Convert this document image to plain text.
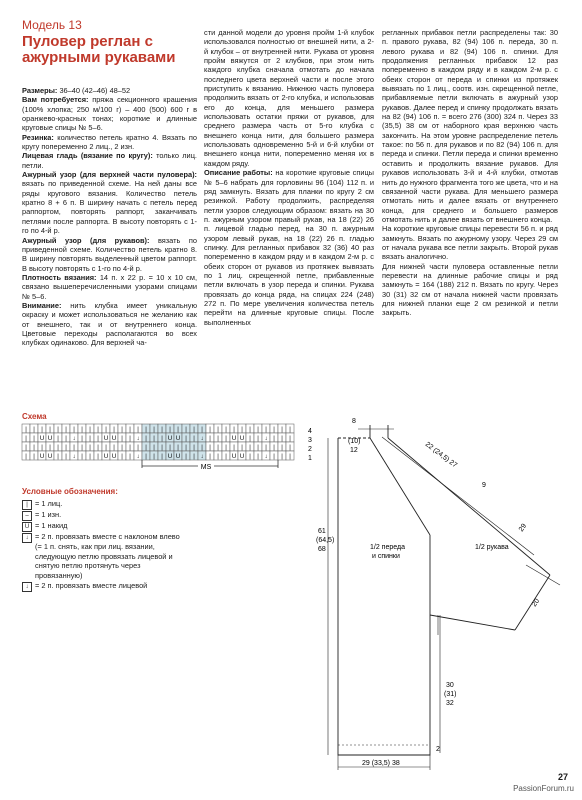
Модель 13
Пуловер реглан с ажурными рукавами

Размеры: 36–40 (42–46) 48–52

Вам потребуется: пряжа секционного крашения (100% хлопка; 250 м/100 г) – 400 (500) 600 г в оранжево-красных тонах; короткие и длинные круговые спицы № 5–6.

Резинка: количество петель кратно 4. Вязать по кругу попеременно 2 лиц., 2 изн.

Лицевая гладь (вязание по кругу): только лиц. петли.

Ажурный узор (для верхней части пуловера): вязать по приведенной схеме. На ней даны все ряды кругового вязания. Количество петель кратно 8 + 6 п. В ширину начать с петель перед раппортом, повторять раппорт, заканчивать петлями после раппорта. В высоту повторять с 1-го по 4-й р.

Ажурный узор (для рукавов): вязать по приведенной схеме. Количество петель кратно 8. В ширину повторять выделенный цветом раппорт. В высоту повторять с 1-го по 4-й р.

Плотность вязания: 14 п. x 22 р. = 10 x 10 см, связано вышеперечисленными узорами спицами № 5–6.

Внимание: нить клубка имеет уникальную окраску и может использоваться не желанию как от внешнего, так и от внутреннего конца. Цветовые переходы располагаются во всех клубках одинаково. Для верхней ча-

сти данной модели до уровня пройм 1-й клубок использовался полностью от внешней нити, а 2-й клубок – от внутренней нити. Рукава от уровня пройм вяжутся от 2 клубков, при этом нить каждого клубка сначала отмотать до начала последнего цвета верхней части и после этого приступить к вязанию. Нижнюю часть пуловера продолжить вязать от 2-го клубка, и использовав его до конца, для меньшего размера использовать остатки пряжи от рукавов, для среднего размера часть от 5-го клубка с внешнего конца нити, для большего размера использовать одновременно 5-й и 6-й клубки от внешнего конца нити, попеременно меняя их в каждом ряду.

Описание работы: на короткие круговые спицы № 5–6 набрать для горловины 96 (104) 112 п. и ряд замкнуть. Вязать для планки по кругу 2 см резинкой. Работу продолжить, распределяя петли узоров следующим образом: вязать на 30 п. ажурным узором правый рукав, на 18 (22) 26 п. лицевой гладью перед, на 30 п. ажурным узором левый рукав, на 18 (22) 26 п. гладью спинку. Для регланных прибавок 32 (36) 40 раз попеременно в каждом ряду и в каждом 2-м р. с обеих сторон от рукавов из протяжек вывязать по 1 лиц. скрещенной петле, прибавленные петли включать в узор переда и спинки. Рукава провязать до конца ряда, на спицах 224 (248) 272 п. По мере увеличения количества петель перейти на длинные круговые спицы. После выполненных

регланных прибавок петли распределены так: 30 п. правого рукава, 82 (94) 106 п. переда, 30 п. левого рукава и 82 (94) 106 п. спинки. Для продолжения регланных прибавок 12 раз попеременно в каждом ряду и в каждом 2-м р. с обеих сторон от переда и спинки из протяжек вывязать по 1 лиц., соотв. изн. скрещенной петле, прибавляемые петли включать в ажурный узор рукавов. Далее перед и спинку продолжать вязать на 82 (94) 106 п. = всего 276 (300) 324 п. Через 33 (35,5) 38 см от наборного края верхнюю часть закончить. На этом уровне распределение петель такое: по 56 п. для рукавов и по 82 (94) 106 п. для переда и спинки. Петли переда и спинки временно оставить и продолжить вязание рукавов. Для рукавов использовать 3-й и 4-й клубки, отмотав нить до нужного фрагмента того же цвета, что и на связанной части рукава. Для меньшего размера отмотать нить и далее вязать от внутреннего конца, для среднего и большего размеров отмотать нить и далее вязать от внешнего конца.

На короткие круговые спицы перевести 56 п. и ряд замкнуть. Вязать по ажурному узору. Через 29 см от начала рукава все петли закрыть. Второй рукав вязать аналогично.

Для нижней части пуловера оставленные петли перевести на длинные рабочие спицы и ряд замкнуть = 164 (188) 212 п. Вязать по кругу. Через 30 (31) 32 см от начала нижней части провязать для нижней планки еще 2 см резинкой и петли закрыть.

Схема
| | | | | | | | | | | | | | | | | | | | | | | | | | | | | | | | | |
| | U U | | ↓ | | | U U | | ↓ | | | U U | | ↓ | | | U U | | ↓ | | |
| | | | | | | | | | | | | | | | | | | | | | | | | | | | | | | | | |
| | U U | | ↓ | | | U U | | ↓ | | | U U | | ↓ | | | U U | | ↓ | | |
MS
4
3
2
1
Условные обозначения:
| = 1 лиц.
– = 1 изн.
U = 1 накид
↓ = 2 п. провязать вместе с наклоном влево (= 1 п. снять, как при лиц. вязании, следующую петлю провязать лицевой и снятую петлю протянуть через провязанную)
↓ = 2 п. провязать вместе лицевой
8
(10)
12	22 (24,5) 27
9
29
20
61
(64,5)
68	1/2 переда
и спинки
1/2 рукава
30
(31)
32
2
29 (33,5) 38
27
PassionForum.ru
